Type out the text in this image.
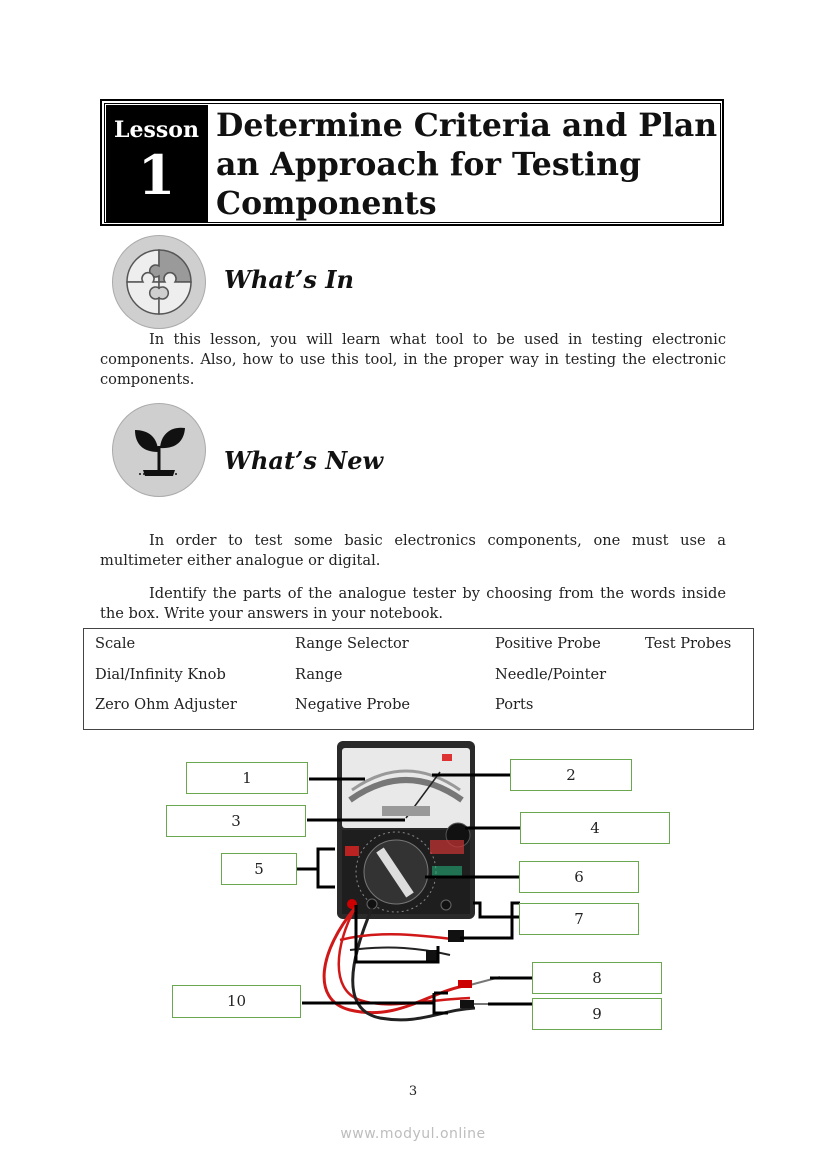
Lesson
1
Determine Criteria and Plan an Approach for Testing Components
What’s In
In this lesson, you will learn what tool to be used in testing electronic components. Also, how to use this tool, in the proper way in testing the electronic components.
What’s New
In order to test some basic electronics components, one must use a multimeter either analogue or digital.
Identify the parts of the analogue tester by choosing from the words inside the box. Write your answers in your notebook.
Scale	Range Selector	Positive Probe	Test Probes
Dial/Infinity Knob	Range	Needle/Pointer
Zero Ohm Adjuster	Negative Probe	Ports
1	2
3	4
5	6
7
8
9
10
3
www.modyul.online
